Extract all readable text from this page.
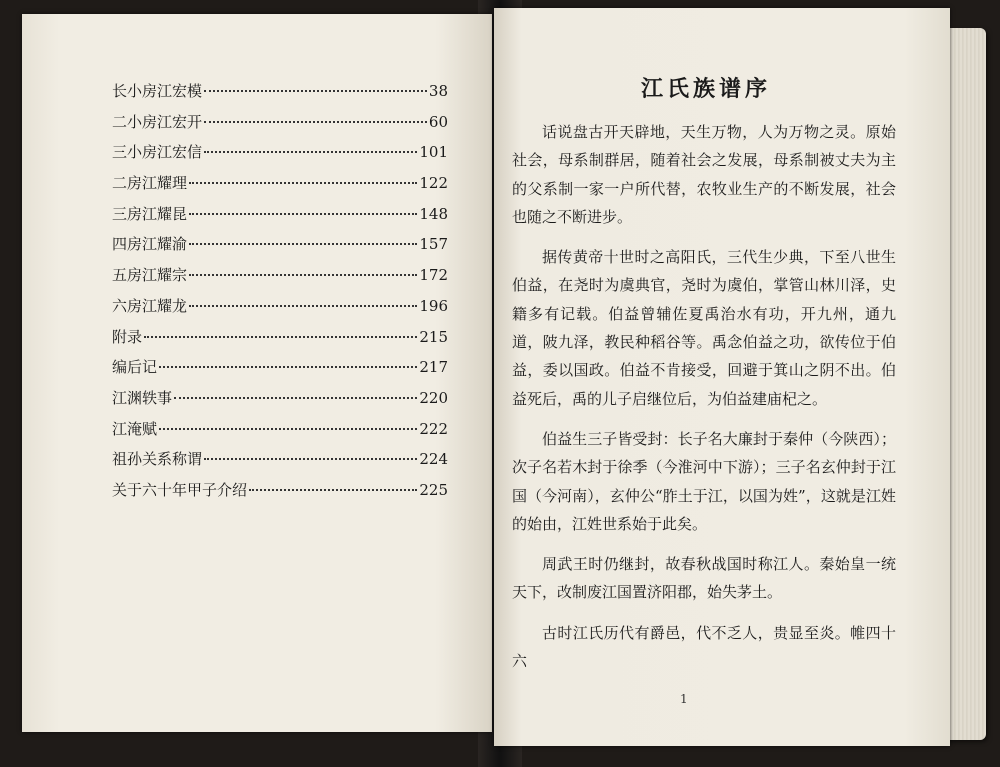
长小房江宏模	38
二小房江宏开	60
三小房江宏信	101
二房江耀理	122
三房江耀昆	148
四房江耀渝	157
五房江耀宗	172
六房江耀龙	196
附录	215
编后记	217
江渊轶事	220
江淹赋	222
祖孙关系称谓	224
关于六十年甲子介绍	225
江氏族谱序

话说盘古开天辟地，天生万物，人为万物之灵。原始社会，母系制群居，随着社会之发展，母系制被丈夫为主的父系制一家一户所代替，农牧业生产的不断发展，社会也随之不断进步。

据传黄帝十世时之高阳氏，三代生少典，下至八世生伯益，在尧时为虞典官，尧时为虞伯，掌管山林川泽，史籍多有记载。伯益曾辅佐夏禹治水有功，开九州，通九道，陂九泽，教民种稻谷等。禹念伯益之功，欲传位于伯益，委以国政。伯益不肯接受，回避于箕山之阴不出。伯益死后，禹的儿子启继位后，为伯益建庙杞之。

伯益生三子皆受封：长子名大廉封于秦仲（今陕西）；次子名若木封于徐季（今淮河中下游）；三子名玄仲封于江国（今河南），玄仲公“胙土于江，以国为姓”，这就是江姓的始由，江姓世系始于此矣。

周武王时仍继封，故春秋战国时称江人。秦始皇一统天下，改制废江国置济阳郡，始失茅土。

古时江氏历代有爵邑，代不乏人，贵显至炎。帷四十六

1
